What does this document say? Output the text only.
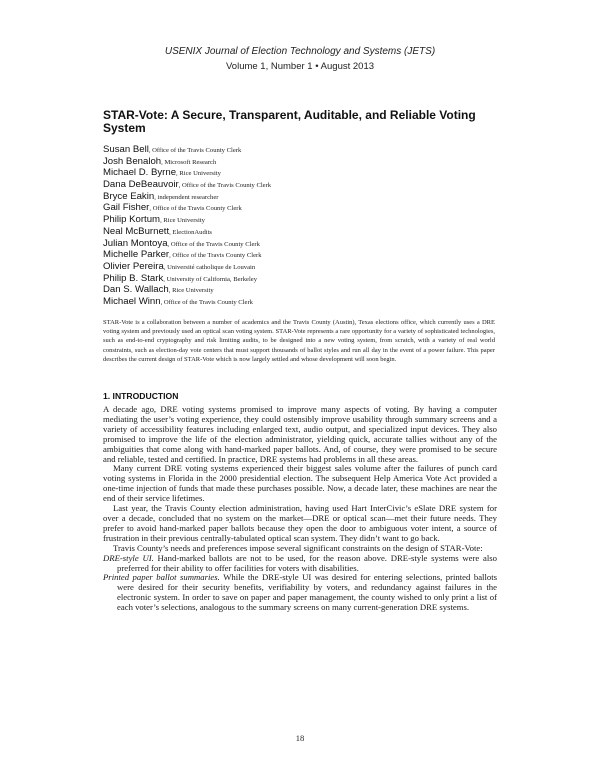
USENIX Journal of Election Technology and Systems (JETS)
Volume 1, Number 1 • August 2013
STAR-Vote: A Secure, Transparent, Auditable, and Reliable Voting System
Susan Bell, Office of the Travis County Clerk
Josh Benaloh, Microsoft Research
Michael D. Byrne, Rice University
Dana DeBeauvoir, Office of the Travis County Clerk
Bryce Eakin, independent researcher
Gail Fisher, Office of the Travis County Clerk
Philip Kortum, Rice University
Neal McBurnett, ElectionAudits
Julian Montoya, Office of the Travis County Clerk
Michelle Parker, Office of the Travis County Clerk
Olivier Pereira, Université catholique de Louvain
Philip B. Stark, University of California, Berkeley
Dan S. Wallach, Rice University
Michael Winn, Office of the Travis County Clerk

STAR-Vote is a collaboration between a number of academics and the Travis County (Austin), Texas elections office, which currently uses a DRE voting system and previously used an optical scan voting system. STAR-Vote represents a rare opportunity for a variety of sophisticated technologies, such as end-to-end cryptography and risk limiting audits, to be designed into a new voting system, from scratch, with a variety of real world constraints, such as election-day vote centers that must support thousands of ballot styles and run all day in the event of a power failure. This paper describes the current design of STAR-Vote which is now largely settled and whose development will soon begin.

1. INTRODUCTION

A decade ago, DRE voting systems promised to improve many aspects of voting. By having a computer mediating the user’s voting experience, they could ostensibly improve usability through summary screens and a variety of accessibility features including enlarged text, audio output, and specialized input devices. They also promised to improve the life of the election administrator, yielding quick, accurate tallies without any of the ambiguities that come along with hand-marked paper ballots. And, of course, they were promised to be secure and reliable, tested and certified. In practice, DRE systems had problems in all these areas.

Many current DRE voting systems experienced their biggest sales volume after the failures of punch card voting systems in Florida in the 2000 presidential election. The subsequent Help America Vote Act provided a one-time injection of funds that made these purchases possible. Now, a decade later, these machines are near the end of their service lifetimes.

Last year, the Travis County election administration, having used Hart InterCivic’s eSlate DRE system for over a decade, concluded that no system on the market—DRE or optical scan—met their future needs. They prefer to avoid hand-marked paper ballots because they open the door to ambiguous voter intent, a source of frustration in their previous centrally-tabulated optical scan system. They didn’t want to go back.

Travis County’s needs and preferences impose several significant constraints on the design of STAR-Vote:

DRE-style UI. Hand-marked ballots are not to be used, for the reason above. DRE-style systems were also preferred for their ability to offer facilities for voters with disabilities.

Printed paper ballot summaries. While the DRE-style UI was desired for entering selections, printed ballots were desired for their security benefits, verifiability by voters, and redundancy against failures in the electronic system. In order to save on paper and paper management, the county wished to only print a list of each voter’s selections, analogous to the summary screens on many current-generation DRE systems.

18
